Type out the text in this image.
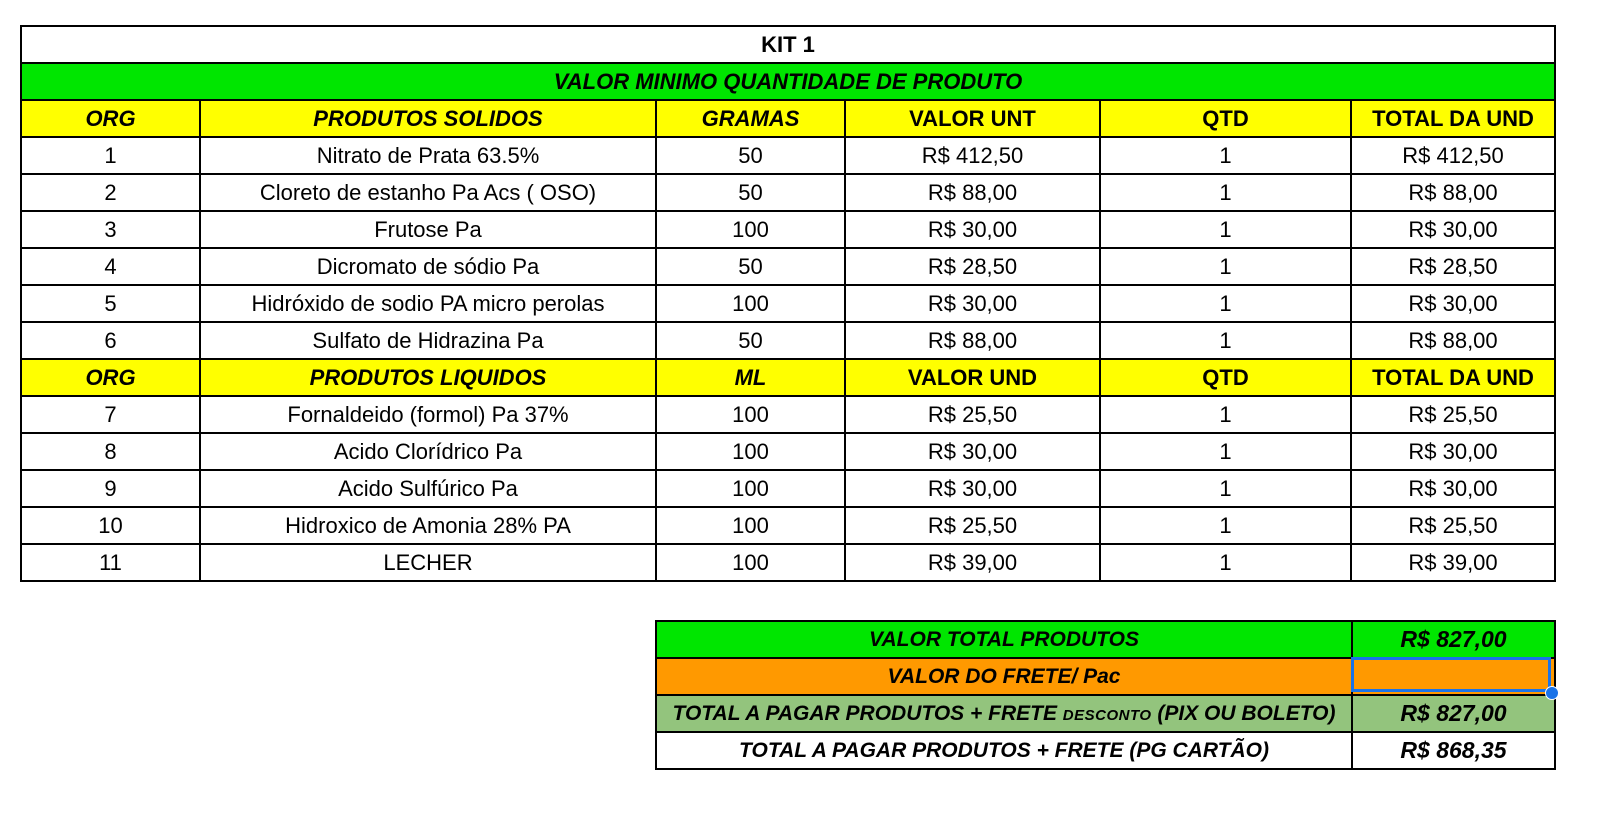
KIT 1					
VALOR MINIMO QUANTIDADE DE PRODUTO					
ORG	PRODUTOS SOLIDOS	GRAMAS	VALOR UNT	QTD	TOTAL DA UND
1	Nitrato de Prata 63.5%	50	R$ 412,50	1	R$ 412,50
2	Cloreto de estanho Pa Acs ( OSO)	50	R$ 88,00	1	R$ 88,00
3	Frutose Pa	100	R$ 30,00	1	R$ 30,00
4	Dicromato de sódio Pa	50	R$ 28,50	1	R$ 28,50
5	Hidróxido de sodio PA micro perolas	100	R$ 30,00	1	R$ 30,00
6	Sulfato de Hidrazina Pa	50	R$ 88,00	1	R$ 88,00
ORG	PRODUTOS LIQUIDOS	ML	VALOR UND	QTD	TOTAL DA UND
7	Fornaldeido (formol) Pa 37%	100	R$ 25,50	1	R$ 25,50
8	Acido Clorídrico Pa	100	R$ 30,00	1	R$ 30,00
9	Acido Sulfúrico Pa	100	R$ 30,00	1	R$ 30,00
10	Hidroxico de Amonia 28% PA	100	R$ 25,50	1	R$ 25,50
11	LECHER	100	R$ 39,00	1	R$ 39,00
VALOR TOTAL PRODUTOS	R$ 827,00
VALOR DO FRETE/ Pac	
TOTAL A PAGAR PRODUTOS + FRETE DESCONTO (PIX OU BOLETO)	R$ 827,00
TOTAL A PAGAR PRODUTOS + FRETE (PG CARTÃO)	R$ 868,35
